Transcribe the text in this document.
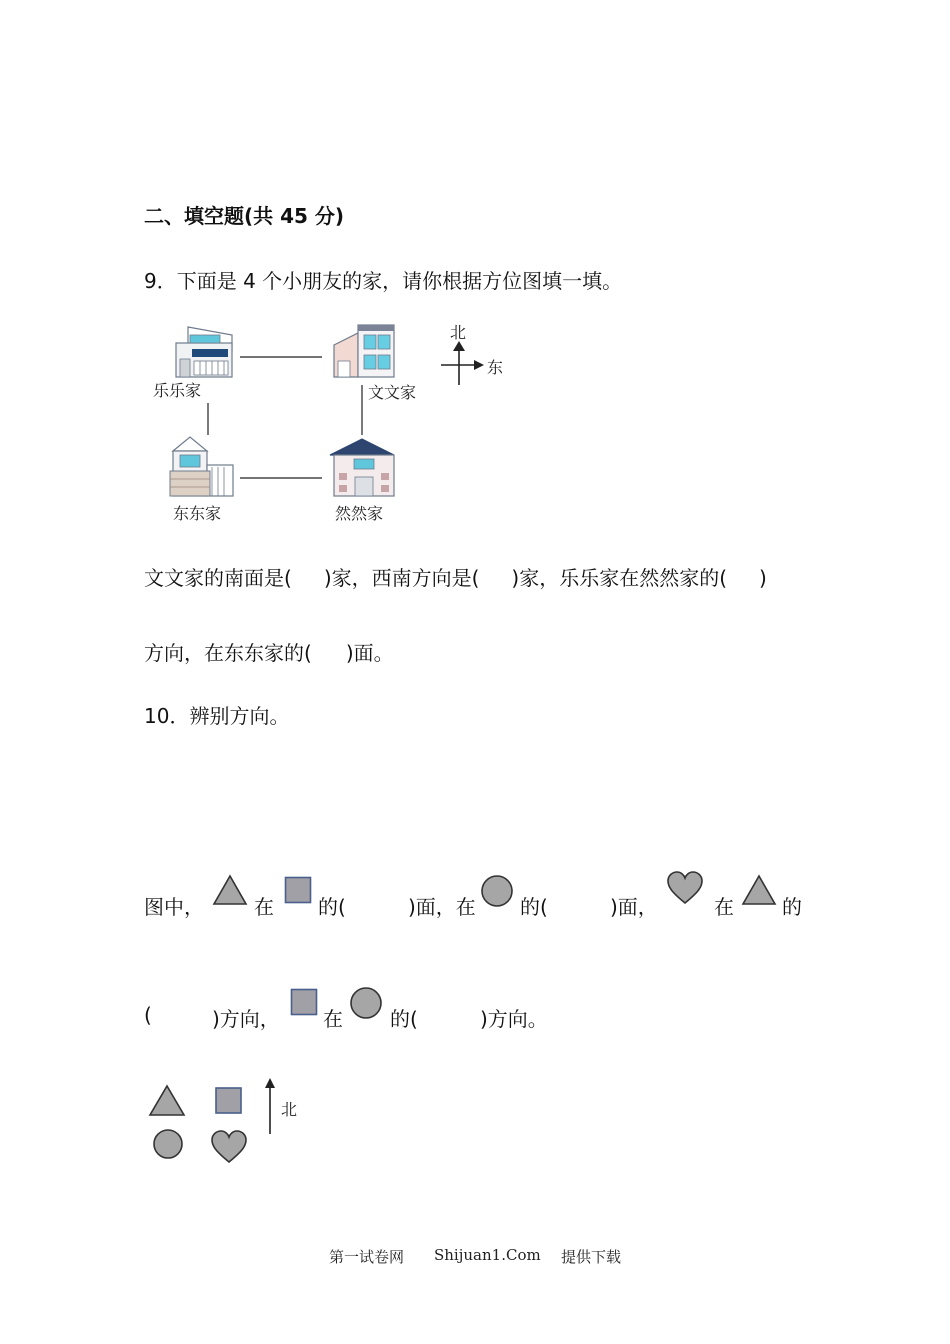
二、填空题(共 45 分)
9．下面是 4 个小朋友的家，请你根据方位图填一填。
乐乐家	文文家
东东家	然然家
北
东
文文家的南面是( )家，西南方向是( )家，乐乐家在然然家的( )
方向，在东东家的( )面。
10．辨别方向。
图中，	在 的(	)面，在 的(	)面，	在 的
(	)方向， 在 的(	)方向。
北
第一试卷网 Shijuan1.Com 提供下载
